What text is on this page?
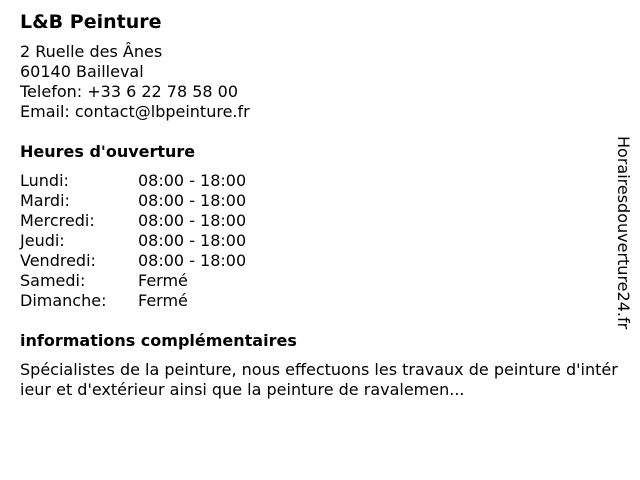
L&B Peinture
2 Ruelle des Ânes
60140 Bailleval
Telefon: +33 6 22 78 58 00
Email: contact@lbpeinture.fr
Heures d'ouverture
Lundi:	08:00 - 18:00
Mardi:	08:00 - 18:00
Mercredi:	08:00 - 18:00
Jeudi:	08:00 - 18:00
Vendredi:	08:00 - 18:00
Samedi:	Fermé
Dimanche:	Fermé
informations complémentaires
Spécialistes de la peinture, nous effectuons les travaux de peinture d'intérieur et d'extérieur ainsi que la peinture de ravalemen...
Horairesdouverture24.fr
